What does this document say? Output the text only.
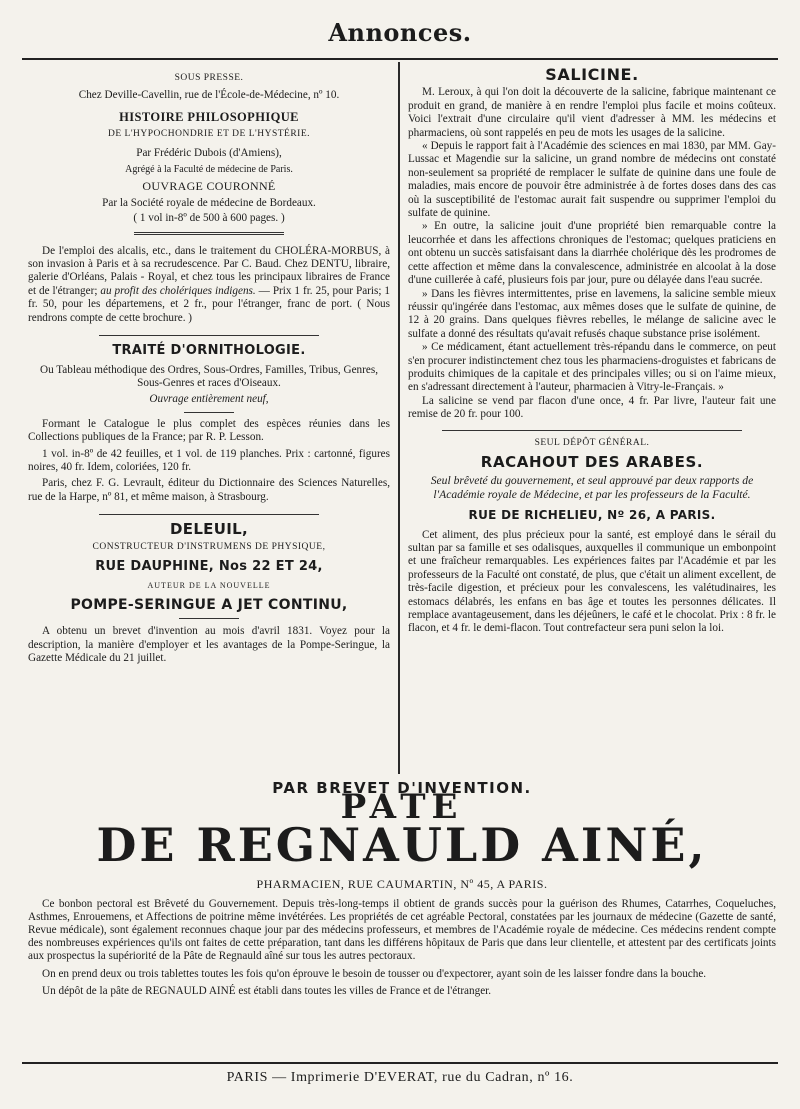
Annonces.

SOUS PRESSE.

Chez Deville-Cavellin, rue de l'École-de-Médecine, nº 10.

HISTOIRE PHILOSOPHIQUE

DE L'HYPOCHONDRIE ET DE L'HYSTÉRIE.

Par Frédéric Dubois (d'Amiens),

Agrégé à la Faculté de médecine de Paris.

OUVRAGE COURONNÉ

Par la Société royale de médecine de Bordeaux.

( 1 vol in-8º de 500 à 600 pages. )

De l'emploi des alcalis, etc., dans le traitement du CHOLÉRA-MORBUS, à son invasion à Paris et à sa recrudescence. Par C. Baud. Chez DENTU, libraire, galerie d'Orléans, Palais - Royal, et chez tous les principaux libraires de France et de l'étranger; au profit des cholériques indigens. — Prix 1 fr. 25, pour Paris; 1 fr. 50, pour les départemens, et 2 fr., pour l'étranger, franc de port. ( Nous rendrons compte de cette brochure. )

TRAITÉ D'ORNITHOLOGIE.

Ou Tableau méthodique des Ordres, Sous-Ordres, Familles, Tribus, Genres, Sous-Genres et races d'Oiseaux.

Ouvrage entièrement neuf,

Formant le Catalogue le plus complet des espèces réunies dans les Collections publiques de la France; par R. P. Lesson.

1 vol. in-8º de 42 feuilles, et 1 vol. de 119 planches. Prix : cartonné, figures noires, 40 fr. Idem, coloriées, 120 fr.

Paris, chez F. G. Levrault, éditeur du Dictionnaire des Sciences Naturelles, rue de la Harpe, nº 81, et même maison, à Strasbourg.

DELEUIL,

CONSTRUCTEUR D'INSTRUMENS DE PHYSIQUE,

RUE DAUPHINE, Nos 22 ET 24,

AUTEUR DE LA NOUVELLE

POMPE-SERINGUE A JET CONTINU,

A obtenu un brevet d'invention au mois d'avril 1831. Voyez pour la description, la manière d'employer et les avantages de la Pompe-Seringue, la Gazette Médicale du 21 juillet.

SALICINE.

M. Leroux, à qui l'on doit la découverte de la salicine, fabrique maintenant ce produit en grand, de manière à en rendre l'emploi plus facile et moins coûteux. Voici l'extrait d'une circulaire qu'il vient d'adresser à MM. les médecins et pharmaciens, où sont rappelés en peu de mots les usages de la salicine.

« Depuis le rapport fait à l'Académie des sciences en mai 1830, par MM. Gay-Lussac et Magendie sur la salicine, un grand nombre de médecins ont constaté non-seulement sa propriété de remplacer le sulfate de quinine dans une foule de maladies, mais encore de pouvoir être administrée à de fortes doses dans des cas où la susceptibilité de l'estomac aurait fait suspendre ou supprimer l'emploi du sulfate de quinine.

» En outre, la salicine jouit d'une propriété bien remarquable contre la leucorrhée et dans les affections chroniques de l'estomac; quelques praticiens en ont obtenu un succès satisfaisant dans la diarrhée cholérique dès les prodromes de cette affection et même dans la convalescence, administrée en alcoolat à la dose d'une cuillerée à café, plusieurs fois par jour, pure ou délayée dans l'eau sucrée.

» Dans les fièvres intermittentes, prise en lavemens, la salicine semble mieux réussir qu'ingérée dans l'estomac, aux mêmes doses que le sulfate de quinine, de 12 à 20 grains. Dans quelques fièvres rebelles, le mélange de salicine avec le sulfate a donné des résultats qu'avait refusés chaque substance prise isolément.

» Ce médicament, étant actuellement très-répandu dans le commerce, on peut s'en procurer indistinctement chez tous les pharmaciens-droguistes et fabricans de produits chimiques de la capitale et des principales villes; ou si on l'aime mieux, en s'adressant directement à l'auteur, pharmacien à Vitry-le-Français. »

La salicine se vend par flacon d'une once, 4 fr. Par livre, l'auteur fait une remise de 20 fr. pour 100.

SEUL DÉPÔT GÉNÉRAL.

RACAHOUT DES ARABES.

Seul brêveté du gouvernement, et seul approuvé par deux rapports de l'Académie royale de Médecine, et par les professeurs de la Faculté.

RUE DE RICHELIEU, Nº 26, A PARIS.

Cet aliment, des plus précieux pour la santé, est employé dans le sérail du sultan par sa famille et ses odalisques, auxquelles il communique un embonpoint et une fraîcheur remarquables. Les expériences faites par l'Académie et par les professeurs de la Faculté ont constaté, de plus, que c'était un aliment excellent, de très-facile digestion, et précieux pour les convalescens, les valétudinaires, les estomacs délabrés, les enfans en bas âge et toutes les personnes délicates. Il remplace avantageusement, dans les déjeûners, le café et le chocolat. Prix : 8 fr. le flacon, et 4 fr. le demi-flacon. Tout contrefacteur sera puni selon la loi.

PAR BREVET D'INVENTION.

PATE

DE REGNAULD AINÉ,

PHARMACIEN, RUE CAUMARTIN, Nº 45, A PARIS.

Ce bonbon pectoral est Brêveté du Gouvernement. Depuis très-long-temps il obtient de grands succès pour la guérison des Rhumes, Catarrhes, Coqueluches, Asthmes, Enrouemens, et Affections de poitrine même invétérées. Les propriétés de cet agréable Pectoral, constatées par les journaux de médecine (Gazette de santé, Revue médicale), sont également reconnues chaque jour par des médecins professeurs, et membres de l'Académie royale de médecine. Ces médecins rendent compte des nombreuses expériences qu'ils ont faites de cette préparation, tant dans les différens hôpitaux de Paris que dans leur clientelle, et attestent par des certificats joints aux prospectus la supériorité de la Pâte de Regnauld aîné sur tous les autres pectoraux.

On en prend deux ou trois tablettes toutes les fois qu'on éprouve le besoin de tousser ou d'expectorer, ayant soin de les laisser fondre dans la bouche.

Un dépôt de la pâte de REGNAULD AINÉ est établi dans toutes les villes de France et de l'étranger.

PARIS — Imprimerie D'EVERAT, rue du Cadran, nº 16.
